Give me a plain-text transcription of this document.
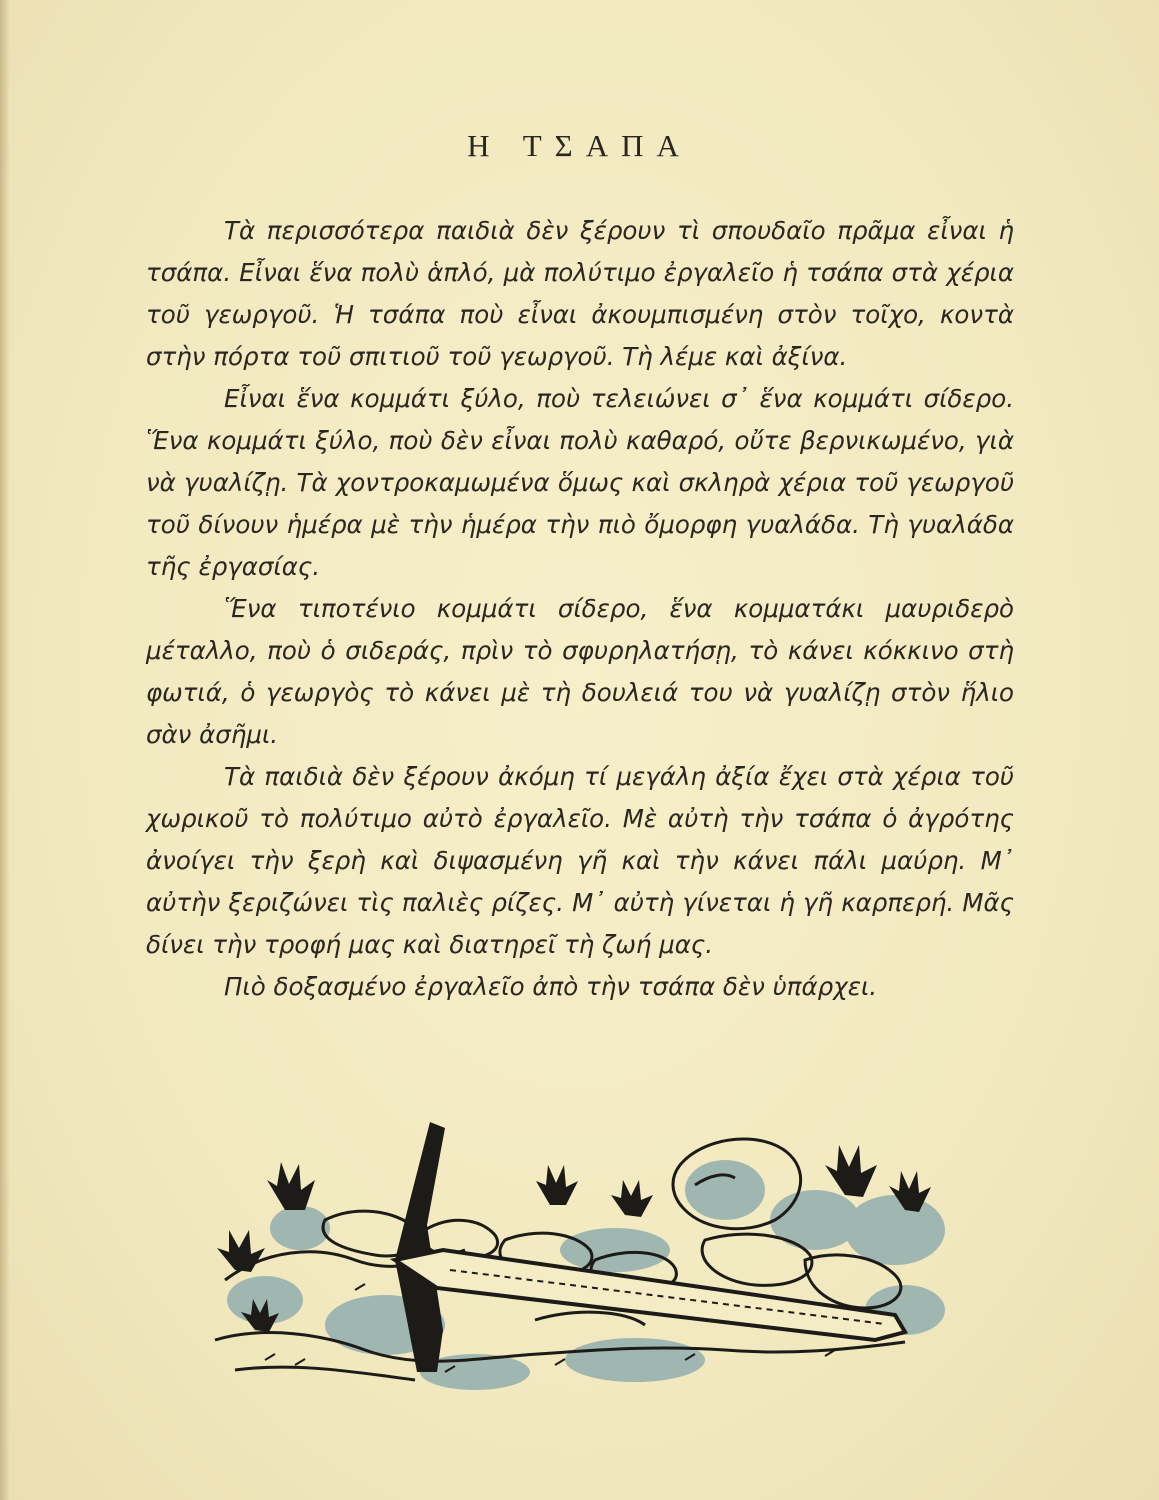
Η ΤΣΑΠΑ

Τὰ περισσότερα παιδιὰ δὲν ξέρουν τὶ σπουδαῖο πρᾶμα εἶναι ἡ τσάπα. Εἶναι ἕνα πολὺ ἁπλό, μὰ πολύτιμο ἐργαλεῖο ἡ τσάπα στὰ χέρια τοῦ γεωργοῦ. Ἡ τσάπα ποὺ εἶναι ἀκουμπισμένη στὸν τοῖχο, κοντὰ στὴν πόρτα τοῦ σπιτιοῦ τοῦ γεωργοῦ. Τὴ λέμε καὶ ἀξίνα.

Εἶναι ἕνα κομμάτι ξύλο, ποὺ τελειώνει σ᾽ ἕνα κομμάτι σίδερο. Ἕνα κομμάτι ξύλο, ποὺ δὲν εἶναι πολὺ καθαρό, οὔτε βερνικωμένο, γιὰ νὰ γυαλίζῃ. Τὰ χοντροκαμωμένα ὅμως καὶ σκληρὰ χέρια τοῦ γεωργοῦ τοῦ δίνουν ἡμέρα μὲ τὴν ἡμέρα τὴν πιὸ ὄμορφη γυαλάδα. Τὴ γυαλάδα τῆς ἐργασίας.

Ἕνα τιποτένιο κομμάτι σίδερο, ἕνα κομματάκι μαυριδερὸ μέταλλο, ποὺ ὁ σιδεράς, πρὶν τὸ σφυρηλατήσῃ, τὸ κάνει κόκκινο στὴ φωτιά, ὁ γεωργὸς τὸ κάνει μὲ τὴ δουλειά του νὰ γυαλίζῃ στὸν ἥλιο σὰν ἀσῆμι.

Τὰ παιδιὰ δὲν ξέρουν ἀκόμη τί μεγάλη ἀξία ἔχει στὰ χέρια τοῦ χωρικοῦ τὸ πολύτιμο αὐτὸ ἐργαλεῖο. Μὲ αὐτὴ τὴν τσάπα ὁ ἀγρότης ἀνοίγει τὴν ξερὴ καὶ διψασμένη γῆ καὶ τὴν κάνει πάλι μαύρη. Μ᾽ αὐτὴν ξεριζώνει τὶς παλιὲς ρίζες. Μ᾽ αὐτὴ γίνεται ἡ γῆ καρπερή. Μᾶς δίνει τὴν τροφή μας καὶ διατηρεῖ τὴ ζωή μας.

Πιὸ δοξασμένο ἐργαλεῖο ἀπὸ τὴν τσάπα δὲν ὑπάρχει.
